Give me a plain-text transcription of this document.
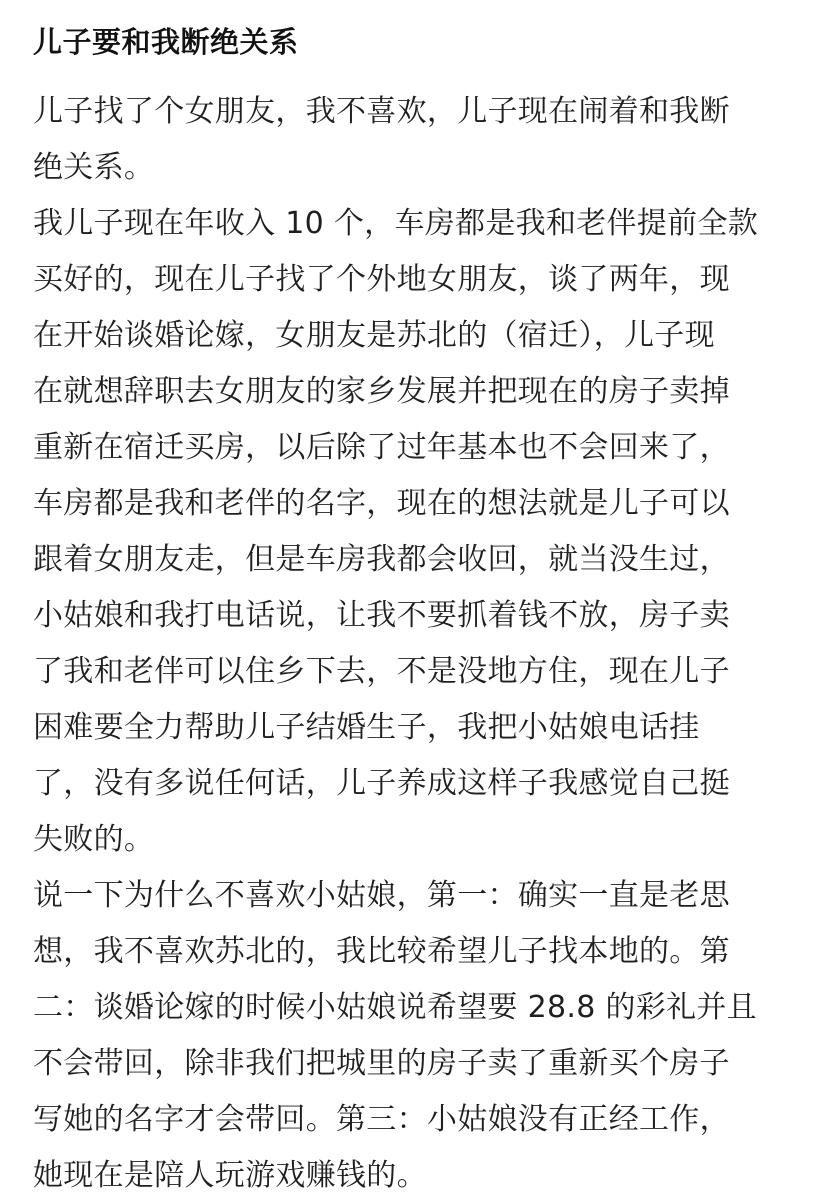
儿子要和我断绝关系
儿子找了个女朋友，我不喜欢，儿子现在闹着和我断
绝关系。
我儿子现在年收入 10 个，车房都是我和老伴提前全款
买好的，现在儿子找了个外地女朋友，谈了两年，现
在开始谈婚论嫁，女朋友是苏北的（宿迁），儿子现
在就想辞职去女朋友的家乡发展并把现在的房子卖掉
重新在宿迁买房，以后除了过年基本也不会回来了，
车房都是我和老伴的名字，现在的想法就是儿子可以
跟着女朋友走，但是车房我都会收回，就当没生过，
小姑娘和我打电话说，让我不要抓着钱不放，房子卖
了我和老伴可以住乡下去，不是没地方住，现在儿子
困难要全力帮助儿子结婚生子，我把小姑娘电话挂
了，没有多说任何话，儿子养成这样子我感觉自己挺
失败的。
说一下为什么不喜欢小姑娘，第一：确实一直是老思
想，我不喜欢苏北的，我比较希望儿子找本地的。第
二：谈婚论嫁的时候小姑娘说希望要 28.8 的彩礼并且
不会带回，除非我们把城里的房子卖了重新买个房子
写她的名字才会带回。第三：小姑娘没有正经工作，
她现在是陪人玩游戏赚钱的。
